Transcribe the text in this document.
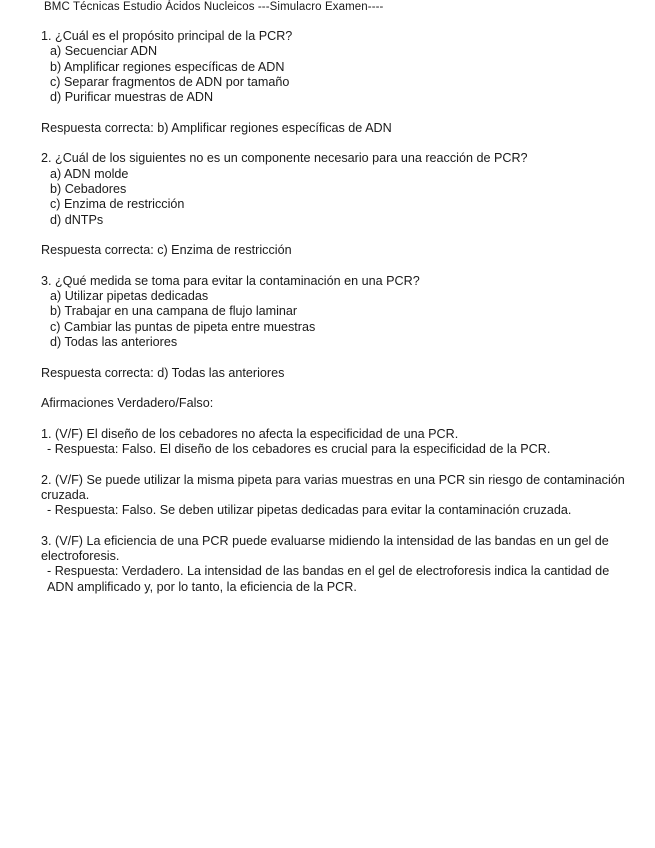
BMC Técnicas Estudio Ácidos Nucleicos ---Simulacro Examen----

1. ¿Cuál es el propósito principal de la PCR?

a) Secuenciar ADN

b) Amplificar regiones específicas de ADN

c) Separar fragmentos de ADN por tamaño

d) Purificar muestras de ADN

Respuesta correcta: b) Amplificar regiones específicas de ADN

2. ¿Cuál de los siguientes no es un componente necesario para una reacción de PCR?

a) ADN molde

b) Cebadores

c) Enzima de restricción

d) dNTPs

Respuesta correcta: c) Enzima de restricción

3. ¿Qué medida se toma para evitar la contaminación en una PCR?

a) Utilizar pipetas dedicadas

b) Trabajar en una campana de flujo laminar

c) Cambiar las puntas de pipeta entre muestras

d) Todas las anteriores

Respuesta correcta: d) Todas las anteriores

Afirmaciones Verdadero/Falso:

1. (V/F) El diseño de los cebadores no afecta la especificidad de una PCR.

- Respuesta: Falso. El diseño de los cebadores es crucial para la especificidad de la PCR.

2. (V/F) Se puede utilizar la misma pipeta para varias muestras en una PCR sin riesgo de contaminación cruzada.

- Respuesta: Falso. Se deben utilizar pipetas dedicadas para evitar la contaminación cruzada.

3. (V/F) La eficiencia de una PCR puede evaluarse midiendo la intensidad de las bandas en un gel de electroforesis.

- Respuesta: Verdadero. La intensidad de las bandas en el gel de electroforesis indica la cantidad de ADN amplificado y, por lo tanto, la eficiencia de la PCR.
